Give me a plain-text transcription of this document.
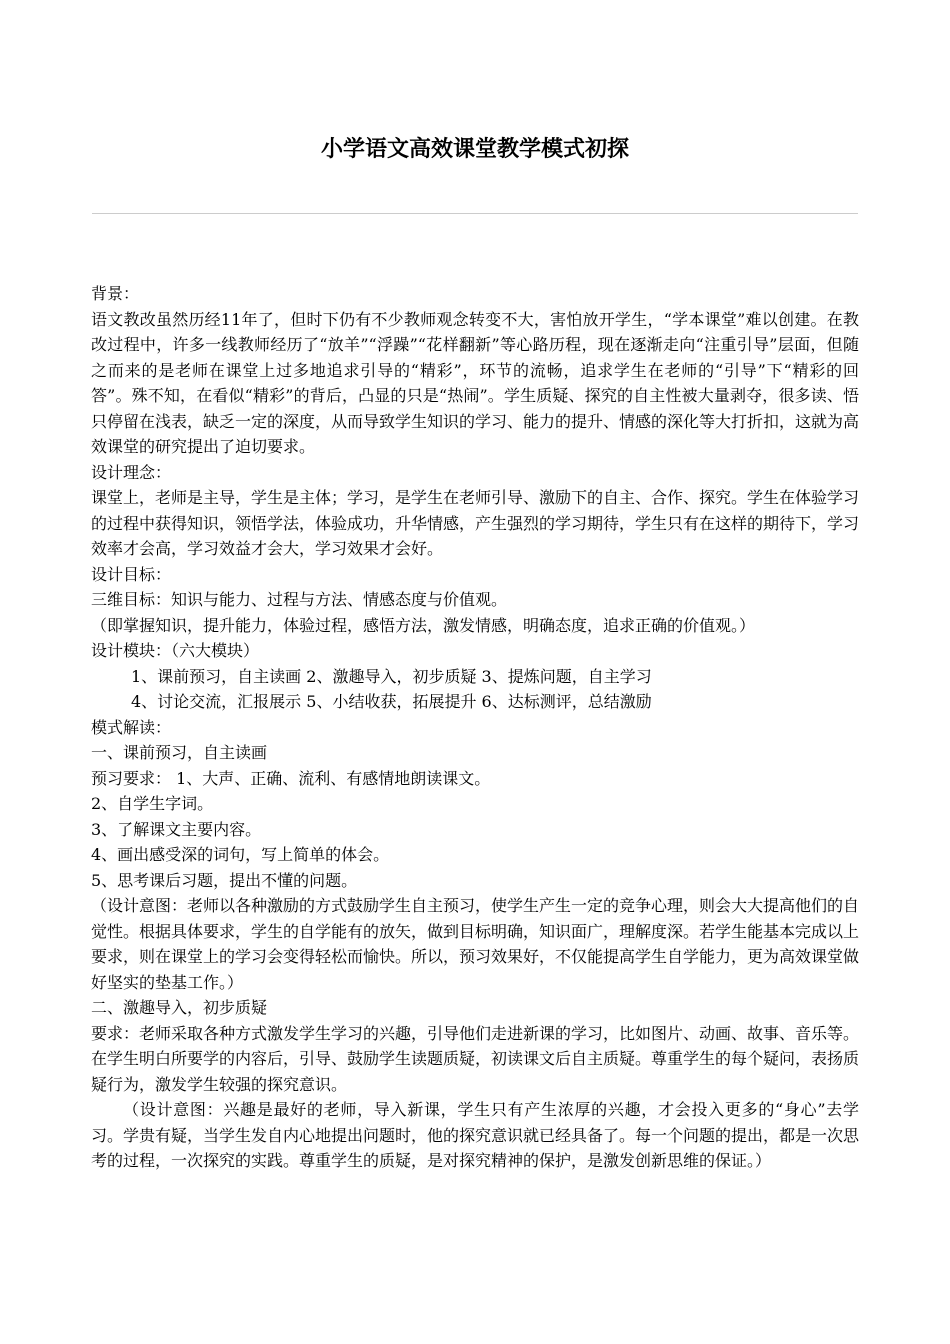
小学语文高效课堂教学模式初探

背景：

语文教改虽然历经11年了，但时下仍有不少教师观念转变不大，害怕放开学生，“学本课堂”难以创建。在教改过程中，许多一线教师经历了“放羊”“浮躁”“花样翻新”等心路历程，现在逐渐走向“注重引导”层面，但随之而来的是老师在课堂上过多地追求引导的“精彩”，环节的流畅，追求学生在老师的“引导”下“精彩的回答”。殊不知，在看似“精彩”的背后，凸显的只是“热闹”。学生质疑、探究的自主性被大量剥夺，很多读、悟只停留在浅表，缺乏一定的深度，从而导致学生知识的学习、能力的提升、情感的深化等大打折扣，这就为高效课堂的研究提出了迫切要求。

设计理念：

课堂上，老师是主导，学生是主体；学习，是学生在老师引导、激励下的自主、合作、探究。学生在体验学习的过程中获得知识，领悟学法，体验成功，升华情感，产生强烈的学习期待，学生只有在这样的期待下，学习效率才会高，学习效益才会大，学习效果才会好。

设计目标：

三维目标：知识与能力、过程与方法、情感态度与价值观。

（即掌握知识，提升能力，体验过程，感悟方法，激发情感，明确态度，追求正确的价值观。）

设计模块：（六大模块）

1、课前预习，自主读画 2、激趣导入，初步质疑 3、提炼问题，自主学习

4、讨论交流，汇报展示 5、小结收获，拓展提升 6、达标测评，总结激励

模式解读：

一、课前预习，自主读画

预习要求： 1、大声、正确、流利、有感情地朗读课文。

2、自学生字词。

3、了解课文主要内容。

4、画出感受深的词句，写上简单的体会。

5、思考课后习题，提出不懂的问题。

（设计意图：老师以各种激励的方式鼓励学生自主预习，使学生产生一定的竞争心理，则会大大提高他们的自觉性。根据具体要求，学生的自学能有的放矢，做到目标明确，知识面广，理解度深。若学生能基本完成以上要求，则在课堂上的学习会变得轻松而愉快。所以，预习效果好，不仅能提高学生自学能力，更为高效课堂做好坚实的垫基工作。）

二、激趣导入，初步质疑

要求：老师采取各种方式激发学生学习的兴趣，引导他们走进新课的学习，比如图片、动画、故事、音乐等。在学生明白所要学的内容后，引导、鼓励学生读题质疑，初读课文后自主质疑。尊重学生的每个疑问，表扬质疑行为，激发学生较强的探究意识。

（设计意图：兴趣是最好的老师，导入新课，学生只有产生浓厚的兴趣，才会投入更多的“身心”去学习。学贵有疑，当学生发自内心地提出问题时，他的探究意识就已经具备了。每一个问题的提出，都是一次思考的过程，一次探究的实践。尊重学生的质疑，是对探究精神的保护，是激发创新思维的保证。）
